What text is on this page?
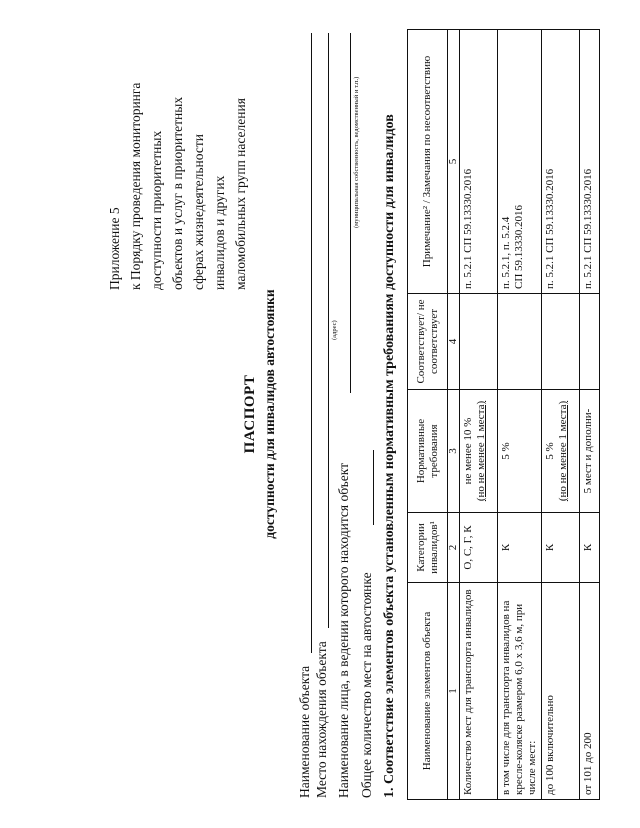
Приложение 5 к Порядку проведения мониторинга доступности приоритетных объектов и услуг в приоритетных сферах жизнедеятельности инвалидов и других маломобильных групп населения
ПАСПОРТ доступности для инвалидов автостоянки
Наименование объекта Место нахождения объекта
(адрес)
Наименование лица, в ведении которого находится объект
(муниципальная собственность, ведомственный и т.п.)
Общее количество мест на автостоянке 1. Соответствие элементов объекта установленным нормативным требованиям доступности для инвалидов Наименование элементов объекта	Категории инвалидов¹	Нормативные требования	Соответствует/ не соответствует	Примечание² / Замечания по несоответствию
1	2	3	4	5
Количество мест для транспорта инвалидов	О, С, Г, К	не менее 10 % (но не менее 1 места)		п. 5.2.1 СП 59.13330.2016

в том числе для транспорта инвалидов на кресле-коляске размером 6,0 х 3,6 м, при числе мест:	К	5 %		п. 5.2.1, п. 5.2.4 СП 59.13330.2016

до 100 включительно	К	5 % (но не менее 1 места)		п. 5.2.1 СП 59.13330.2016

от 101 до 200	К	5 мест и дополни-		п. 5.2.1 СП 59.13330.2016
